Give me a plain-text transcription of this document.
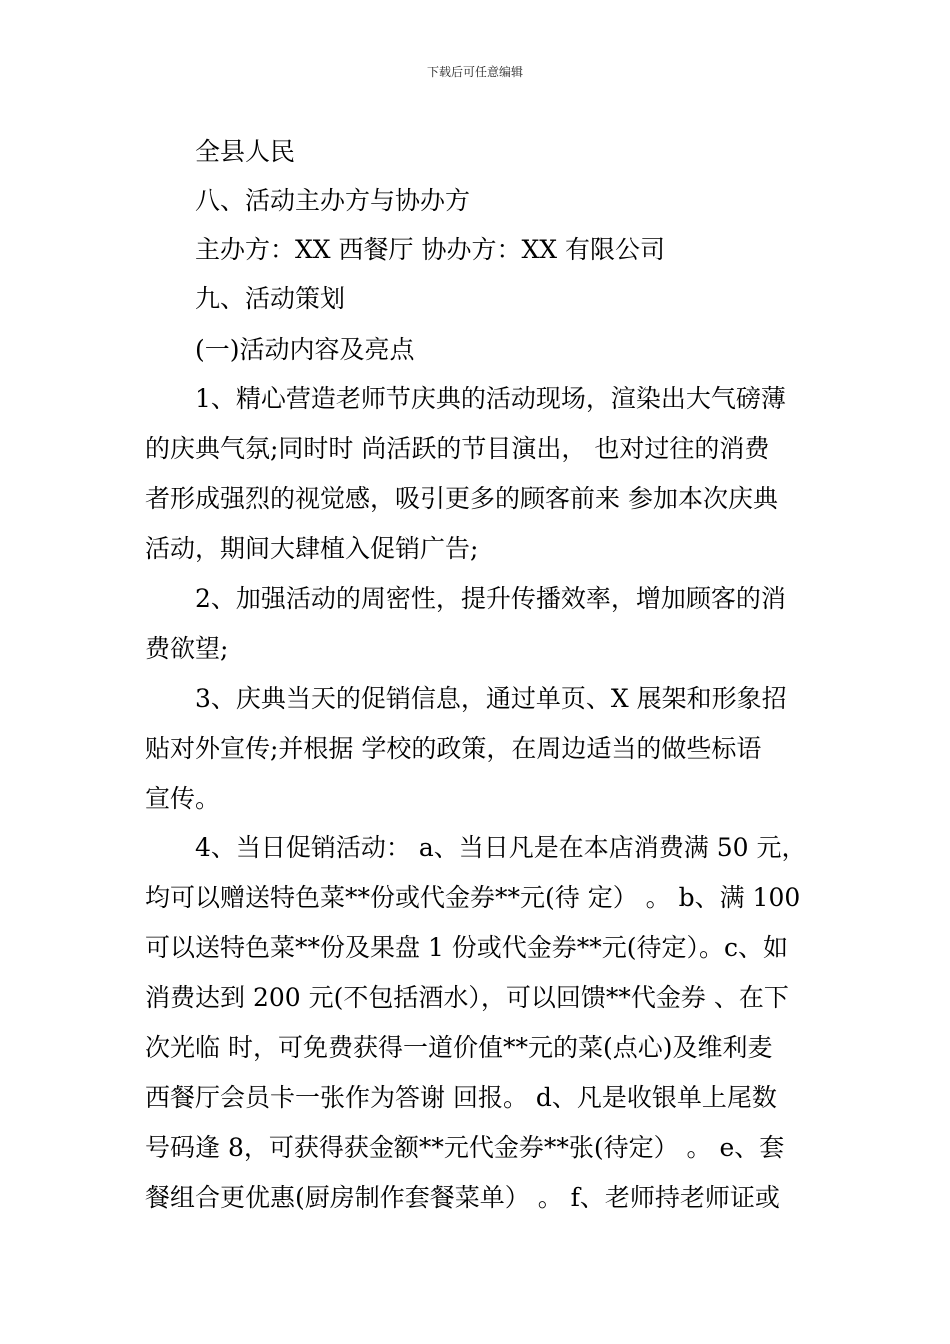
下载后可任意编辑
全县人民
八、活动主办方与协办方
主办方：XX 西餐厅 协办方：XX 有限公司
九、活动策划
(一)活动内容及亮点
1、精心营造老师节庆典的活动现场，渲染出大气磅薄
的庆典气氛;同时时 尚活跃的节目演出， 也对过往的消费
者形成强烈的视觉感，吸引更多的顾客前来 参加本次庆典
活动，期间大肆植入促销广告;
2、加强活动的周密性，提升传播效率，增加顾客的消
费欲望;
3、庆典当天的促销信息，通过单页、X 展架和形象招
贴对外宣传;并根据 学校的政策，在周边适当的做些标语
宣传。
4、当日促销活动： a、当日凡是在本店消费满 50 元，
均可以赠送特色菜**份或代金券**元(待 定） 。 b、满 100
可以送特色菜**份及果盘 1 份或代金券**元(待定）。c、如
消费达到 200 元(不包括酒水），可以回馈**代金券 、在下
次光临 时，可免费获得一道价值**元的菜(点心)及维利麦
西餐厅会员卡一张作为答谢 回报。 d、凡是收银单上尾数
号码逢 8，可获得获金额**元代金券**张(待定） 。 e、套
餐组合更优惠(厨房制作套餐菜单） 。 f、老师持老师证或
